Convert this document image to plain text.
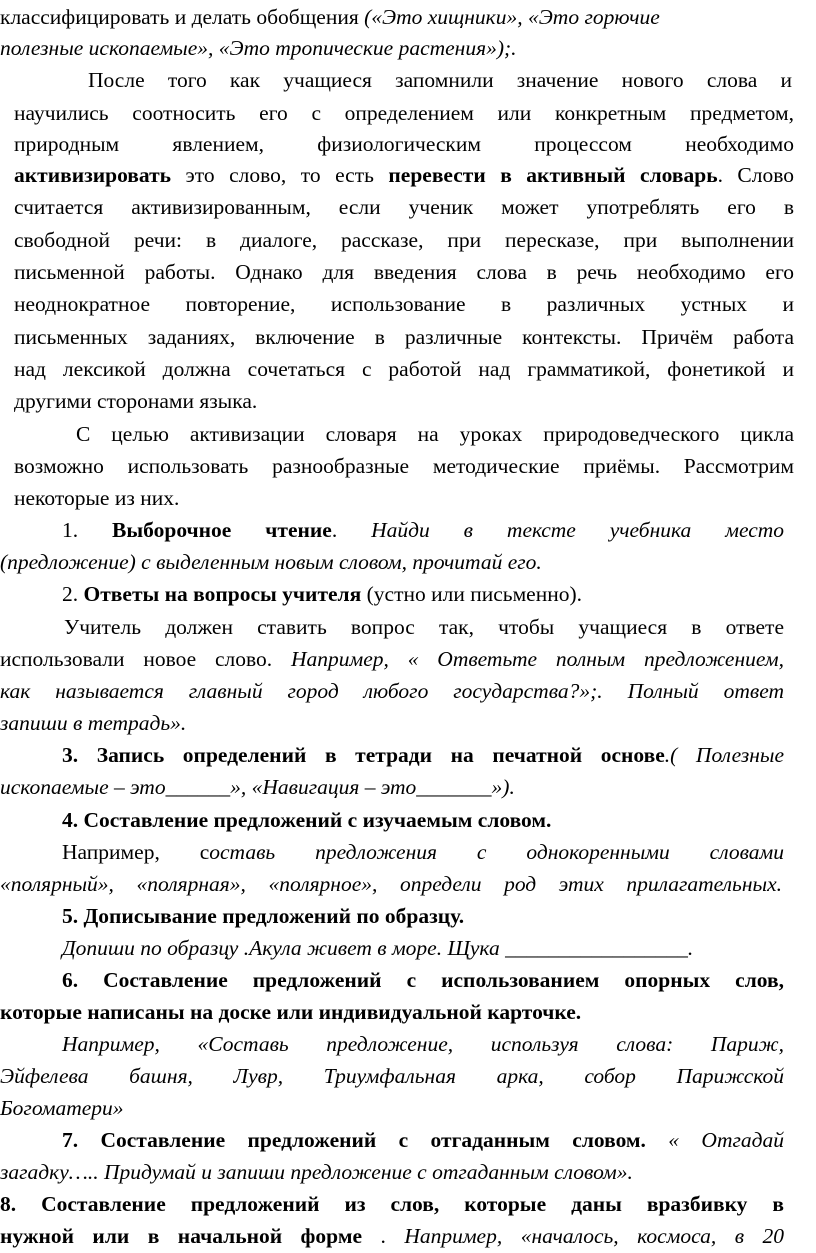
классифицировать и делать обобщения («Это хищники», «Это горючие
полезные ископаемые», «Это тропические растения»);.
После того как учащиеся запомнили значение нового слова и
научились соотносить его с определением или конкретным предметом,
природным явлением, физиологическим процессом необходимо
активизировать это слово, то есть перевести в активный словарь. Слово
считается активизированным, если ученик может употреблять его в
свободной речи: в диалоге, рассказе, при пересказе, при выполнении
письменной работы. Однако для введения слова в речь необходимо его
неоднократное повторение, использование в различных устных и
письменных заданиях, включение в различные контексты. Причём работа
над лексикой должна сочетаться с работой над грамматикой, фонетикой и
другими сторонами языка.
С целью активизации словаря на уроках природоведческого цикла
возможно использовать разнообразные методические приёмы. Рассмотрим
некоторые из них.
1. Выборочное чтение. Найди в тексте учебника место
(предложение) с выделенным новым словом, прочитай его.
2. Ответы на вопросы учителя (устно или письменно).
Учитель должен ставить вопрос так, чтобы учащиеся в ответе
использовали новое слово. Например, « Ответьте полным предложением,
как называется главный город любого государства?»;. Полный ответ
запиши в тетрадь».
3. Запись определений в тетради на печатной основе.( Полезные
ископаемые – это______», «Навигация – это_______»).
4. Составление предложений с изучаемым словом.
Например, составь предложения с однокоренными словами
«полярный», «полярная», «полярное», определи род этих прилагательных.
5. Дописывание предложений по образцу.
Допиши по образцу .Акула живет в море. Щука _________________.
6. Составление предложений с использованием опорных слов,
которые написаны на доске или индивидуальной карточке.
Например, «Составь предложение, используя слова: Париж,
Эйфелева башня, Лувр, Триумфальная арка, собор Парижской
Богоматери»
7. Составление предложений с отгаданным словом. « Отгадай
загадку….. Придумай и запиши предложение с отгаданным словом».
8. Составление предложений из слов, которые даны вразбивку в
нужной или в начальной форме . Например, «началось, космоса, в 20
